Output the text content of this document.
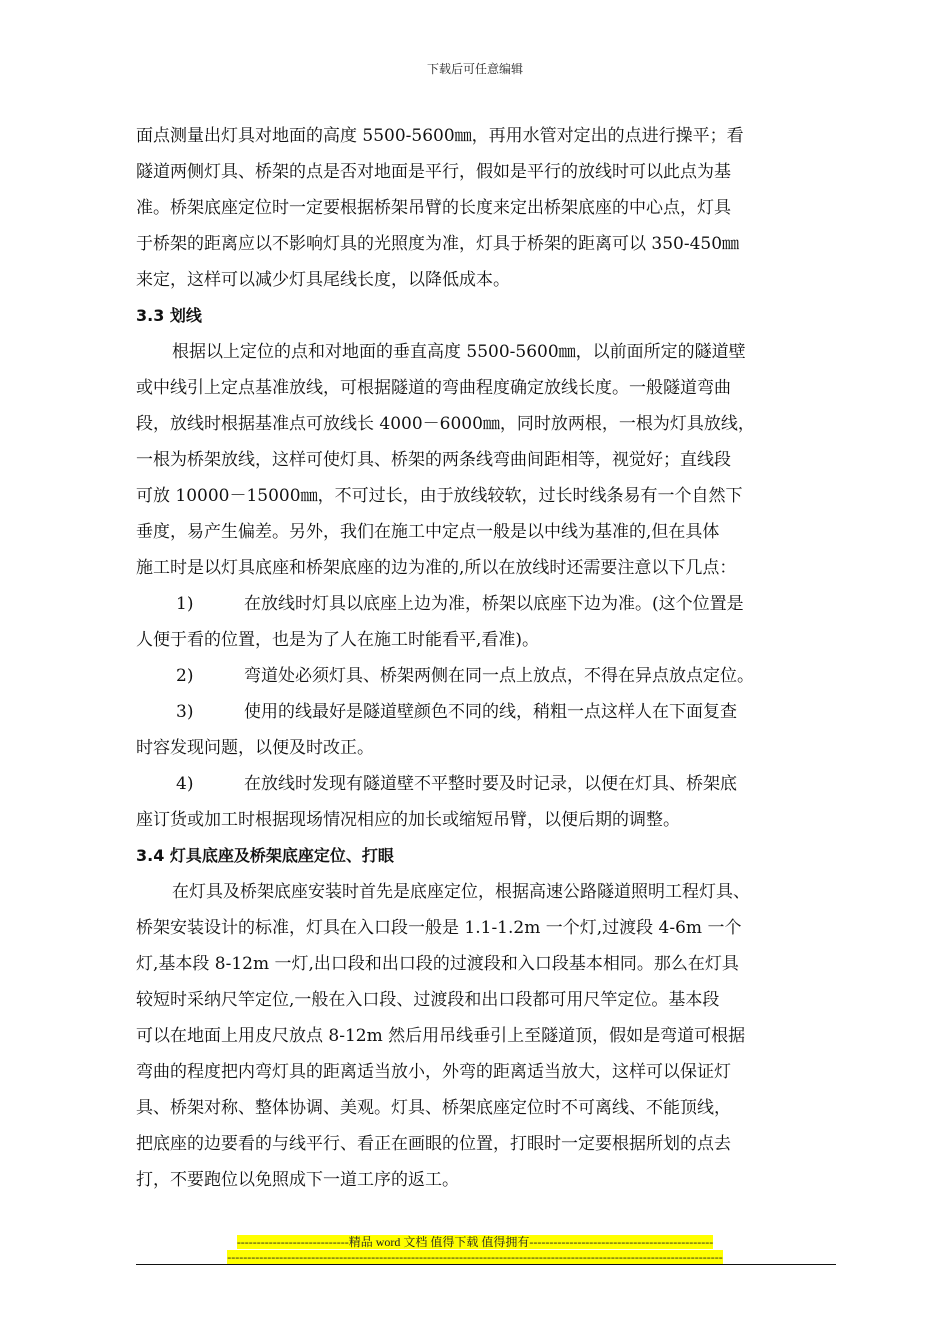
下载后可任意编辑
面点测量出灯具对地面的高度 5500-5600㎜，再用水管对定出的点进行操平；看
隧道两侧灯具、桥架的点是否对地面是平行，假如是平行的放线时可以此点为基
准。桥架底座定位时一定要根据桥架吊臂的长度来定出桥架底座的中心点，灯具
于桥架的距离应以不影响灯具的光照度为准，灯具于桥架的距离可以 350-450㎜
来定，这样可以减少灯具尾线长度，以降低成本。
3.3 划线
根据以上定位的点和对地面的垂直高度 5500-5600㎜，以前面所定的隧道壁
或中线引上定点基准放线，可根据隧道的弯曲程度确定放线长度。一般隧道弯曲
段，放线时根据基准点可放线长 4000－6000㎜，同时放两根，一根为灯具放线，
一根为桥架放线，这样可使灯具、桥架的两条线弯曲间距相等，视觉好；直线段
可放 10000－15000㎜，不可过长，由于放线较软，过长时线条易有一个自然下
垂度，易产生偏差。另外，我们在施工中定点一般是以中线为基准的,但在具体
施工时是以灯具底座和桥架底座的边为准的,所以在放线时还需要注意以下几点：
1)	在放线时灯具以底座上边为准，桥架以底座下边为准。(这个位置是
人便于看的位置，也是为了人在施工时能看平,看准)。
2)	弯道处必须灯具、桥架两侧在同一点上放点，不得在异点放点定位。
3)	使用的线最好是隧道壁颜色不同的线，稍粗一点这样人在下面复查
时容发现问题，以便及时改正。
4)	在放线时发现有隧道壁不平整时要及时记录，以便在灯具、桥架底
座订货或加工时根据现场情况相应的加长或缩短吊臂，以便后期的调整。
3.4 灯具底座及桥架底座定位、打眼
在灯具及桥架底座安装时首先是底座定位，根据高速公路隧道照明工程灯具、
桥架安装设计的标准，灯具在入口段一般是 1.1-1.2m 一个灯,过渡段 4-6m 一个
灯,基本段 8-12m 一灯,出口段和出口段的过渡段和入口段基本相同。那么在灯具
较短时采纳尺竿定位,一般在入口段、过渡段和出口段都可用尺竿定位。基本段
可以在地面上用皮尺放点 8-12m 然后用吊线垂引上至隧道顶，假如是弯道可根据
弯曲的程度把内弯灯具的距离适当放小，外弯的距离适当放大，这样可以保证灯
具、桥架对称、整体协调、美观。灯具、桥架底座定位时不可离线、不能顶线，
把底座的边要看的与线平行、看正在画眼的位置，打眼时一定要根据所划的点去
打，不要跑位以免照成下一道工序的返工。
----------------------------精品 word 文档 值得下载 值得拥有----------------------------------------------
----------------------------------------------------------------------------------------------------------------------------
